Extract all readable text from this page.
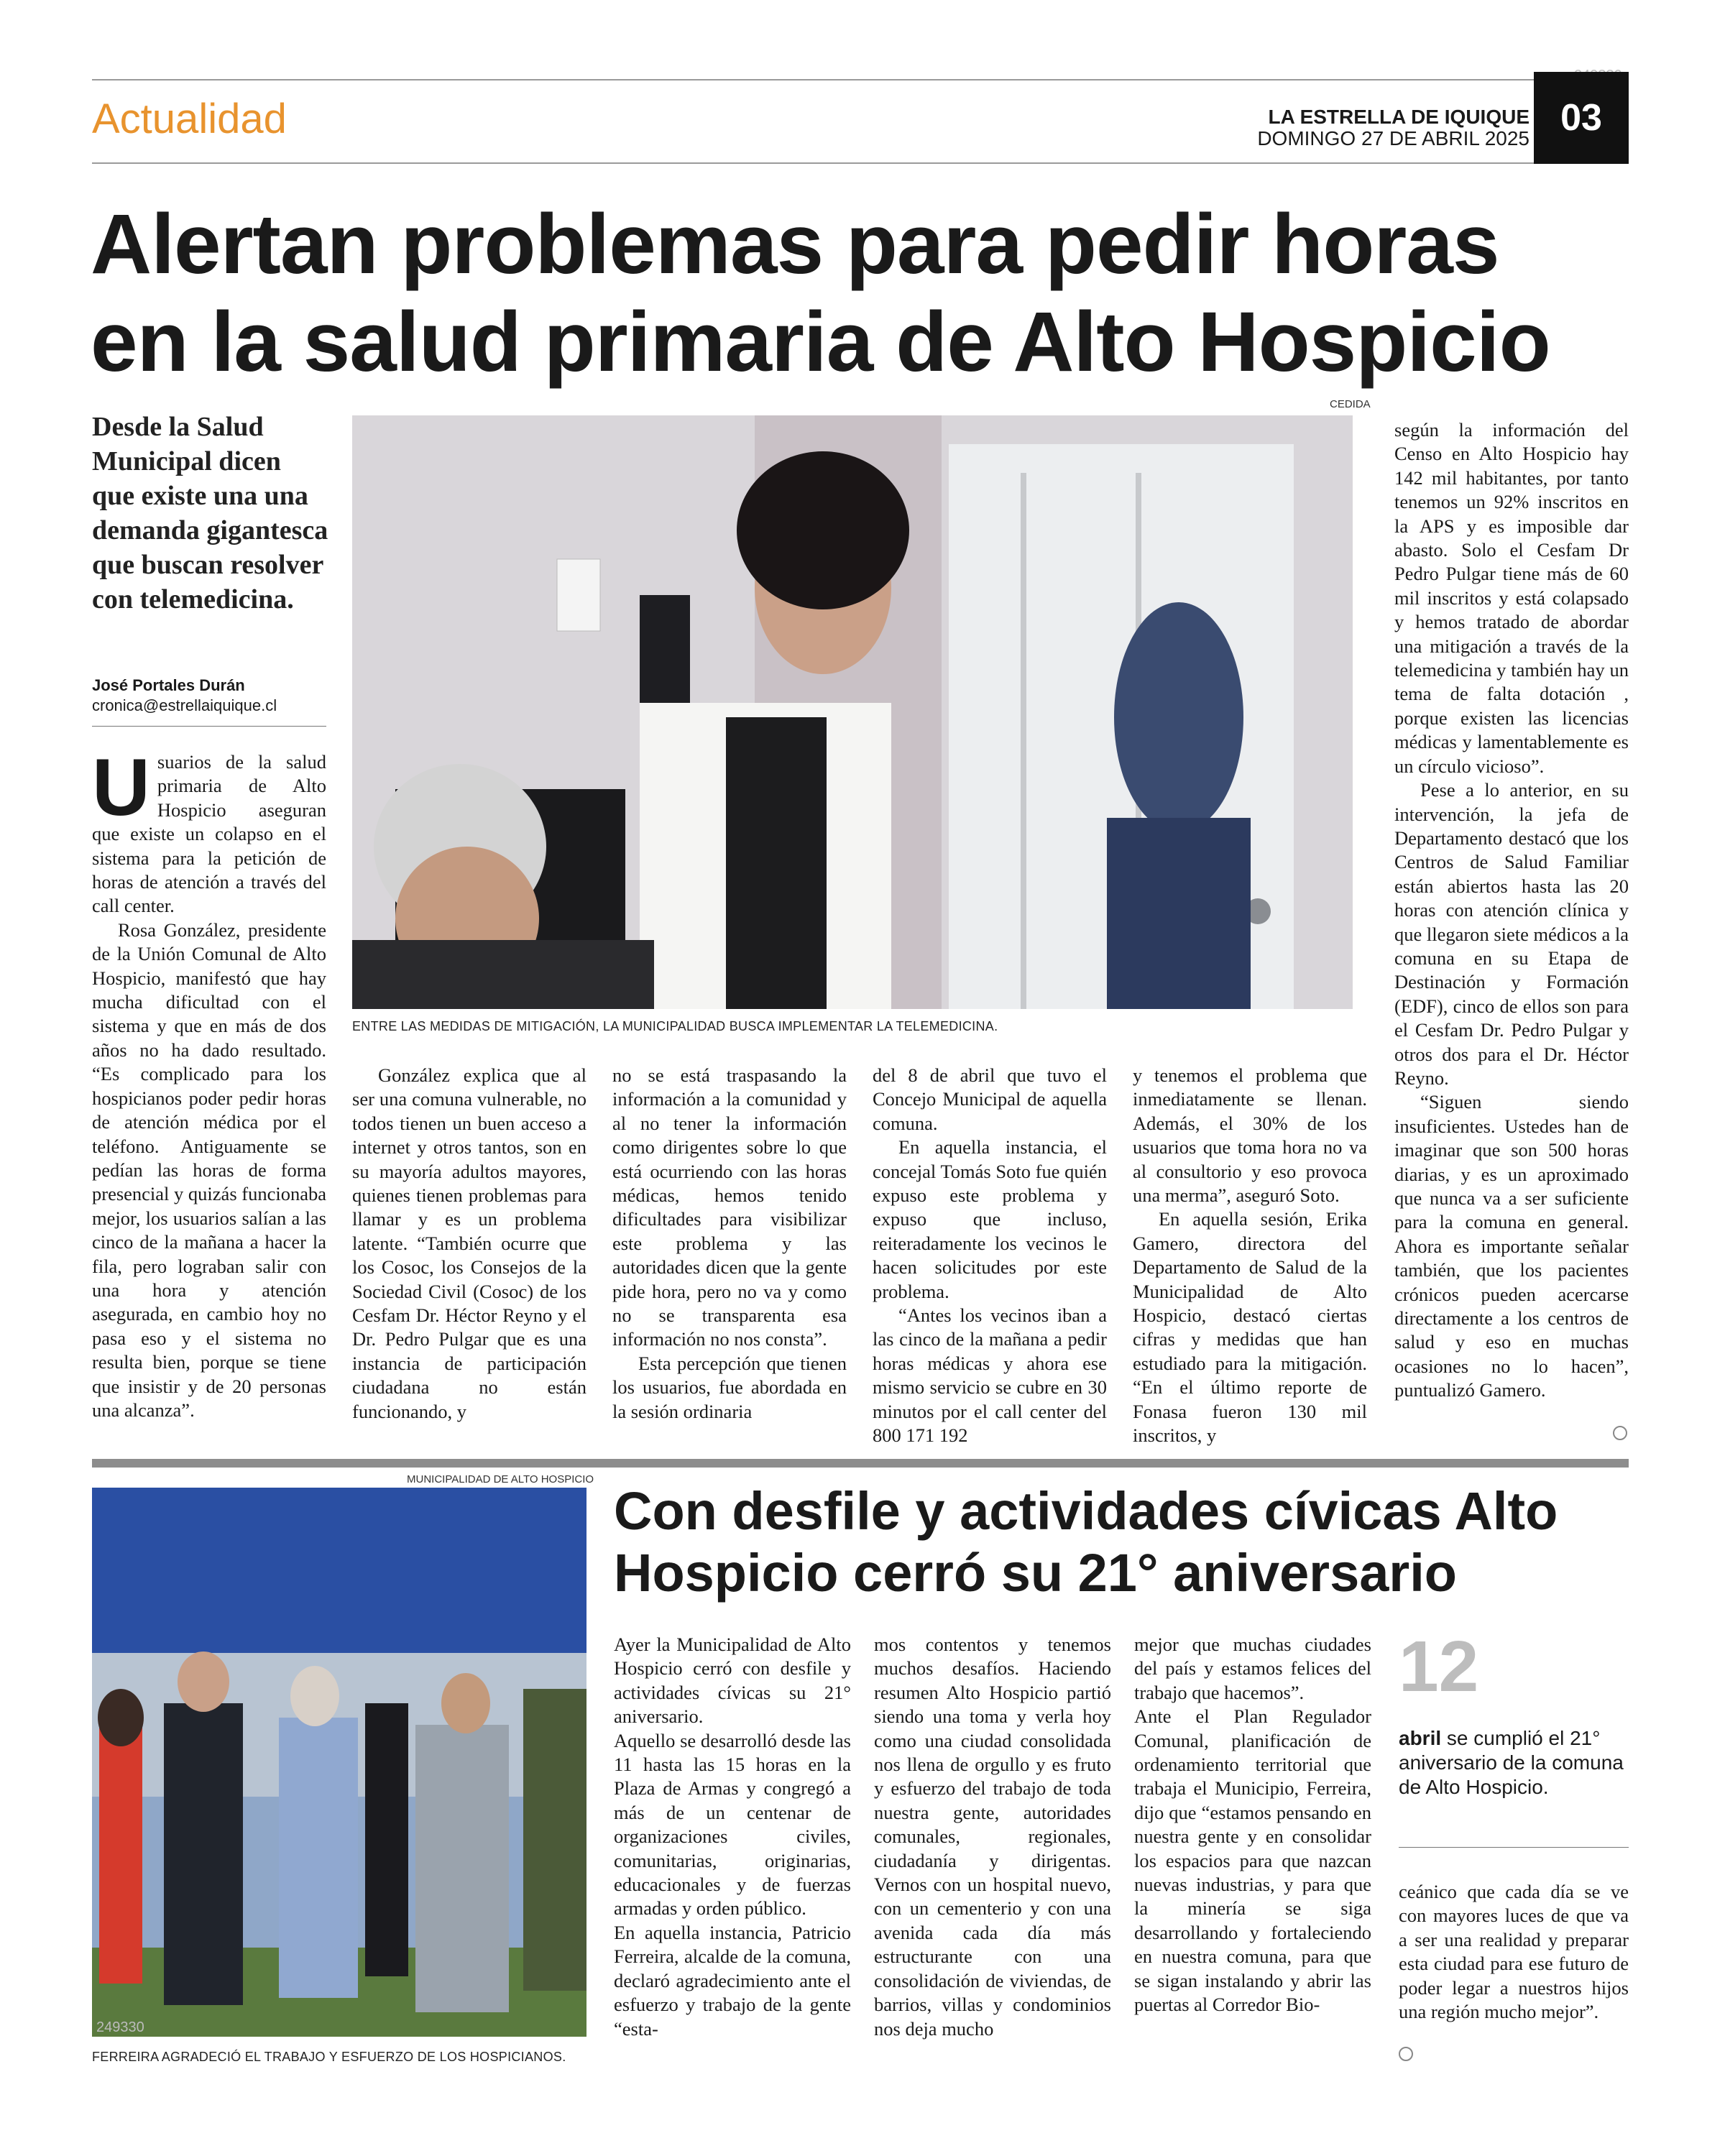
Actualidad	LA ESTRELLA DE IQUIQUE
DOMINGO 27 DE ABRIL 2025 03
Alertan problemas para pedir horas
en la salud primaria de Alto Hospicio
Desde la Salud Municipal dicen que existe una una demanda gigantesca que buscan resolver con telemedicina.
José Portales Durán
cronica@estrellaiquique.cl
CEDIDA
ENTRE LAS MEDIDAS DE MITIGACIÓN, LA MUNICIPALIDAD BUSCA IMPLEMENTAR LA TELEMEDICINA.

Usuarios de la salud primaria de Alto Hospicio aseguran que existe un colapso en el sistema para la petición de horas de atención a través del call center.

Rosa González, presidente de la Unión Comunal de Alto Hospicio, manifestó que hay mucha dificultad con el sistema y que en más de dos años no ha dado resultado. “Es complicado para los hospicianos poder pedir horas de atención médica por el teléfono. Antiguamente se pedían las horas de forma presencial y quizás funcionaba mejor, los usuarios salían a las cinco de la mañana a hacer la fila, pero lograban salir con una hora y atención asegurada, en cambio hoy no pasa eso y el sistema no resulta bien, porque se tiene que insistir y de 20 personas una alcanza”.

González explica que al ser una comuna vulnerable, no todos tienen un buen acceso a internet y otros tantos, son en su mayoría adultos mayores, quienes tienen problemas para llamar y es un problema latente. “También ocurre que los Cosoc, los Consejos de la Sociedad Civil (Cosoc) de los Cesfam Dr. Héctor Reyno y el Dr. Pedro Pulgar que es una instancia de participación ciudadana no están funcionando, y

no se está traspasando la información a la comunidad y al no tener la información como dirigentes sobre lo que está ocurriendo con las horas médicas, hemos tenido dificultades para visibilizar este problema y las autoridades dicen que la gente pide hora, pero no va y como no se transparenta esa información no nos consta”.

Esta percepción que tienen los usuarios, fue abordada en la sesión ordinaria

del 8 de abril que tuvo el Concejo Municipal de aquella comuna.

En aquella instancia, el concejal Tomás Soto fue quién expuso este problema y expuso que incluso, reiteradamente los vecinos le hacen solicitudes por este problema.

“Antes los vecinos iban a las cinco de la mañana a pedir horas médicas y ahora ese mismo servicio se cubre en 30 minutos por el call center del 800 171 192

y tenemos el problema que inmediatamente se llenan. Además, el 30% de los usuarios que toma hora no va al consultorio y eso provoca una merma”, aseguró Soto.

En aquella sesión, Erika Gamero, directora del Departamento de Salud de la Municipalidad de Alto Hospicio, destacó ciertas cifras y medidas que han estudiado para la mitigación. “En el último reporte de Fonasa fueron 130 mil inscritos, y

según la información del Censo en Alto Hospicio hay 142 mil habitantes, por tanto tenemos un 92% inscritos en la APS y es imposible dar abasto. Solo el Cesfam Dr Pedro Pulgar tiene más de 60 mil inscritos y está colapsado y hemos tratado de abordar una mitigación a través de la telemedicina y también hay un tema de falta dotación , porque existen las licencias médicas y lamentablemente es un círculo vicioso”.

Pese a lo anterior, en su intervención, la jefa de Departamento destacó que los Centros de Salud Familiar están abiertos hasta las 20 horas con atención clínica y que llegaron siete médicos a la comuna en su Etapa de Destinación y Formación (EDF), cinco de ellos son para el Cesfam Dr. Pedro Pulgar y otros dos para el Dr. Héctor Reyno.

“Siguen siendo insuficientes. Ustedes han de imaginar que son 500 horas diarias, y es un aproximado que nunca va a ser suficiente para la comuna en general. Ahora es importante señalar también, que los pacientes crónicos pueden acercarse directamente a los centros de salud y eso en muchas ocasiones no lo hacen”, puntualizó Gamero.

MUNICIPALIDAD DE ALTO HOSPICIO
249330
FERREIRA AGRADECIÓ EL TRABAJO Y ESFUERZO DE LOS HOSPICIANOS.
Con desfile y actividades cívicas Alto
Hospicio cerró su 21° aniversario

Ayer la Municipalidad de Alto Hospicio cerró con desfile y actividades cívicas su 21° aniversario.

Aquello se desarrolló desde las 11 hasta las 15 horas en la Plaza de Armas y congregó a más de un centenar de organizaciones civiles, comunitarias, originarias, educacionales y de fuerzas armadas y orden público.

En aquella instancia, Patricio Ferreira, alcalde de la comuna, declaró agradecimiento ante el esfuerzo y trabajo de la gente “esta-

mos contentos y tenemos muchos desafíos. Haciendo resumen Alto Hospicio partió siendo una toma y verla hoy como una ciudad consolidada nos llena de orgullo y es fruto y esfuerzo del trabajo de toda nuestra gente, autoridades comunales, regionales, ciudadanía y dirigentas. Vernos con un hospital nuevo, con un cementerio y con una avenida cada día más estructurante con una consolidación de viviendas, de barrios, villas y condominios nos deja mucho

mejor que muchas ciudades del país y estamos felices del trabajo que hacemos”.

Ante el Plan Regulador Comunal, planificación de ordenamiento territorial que trabaja el Municipio, Ferreira, dijo que “estamos pensando en nuestra gente y en consolidar los espacios para que nazcan nuevas industrias, y para que la minería se siga desarrollando y fortaleciendo en nuestra comuna, para que se sigan instalando y abrir las puertas al Corredor Bio-

12
abril se cumplió el 21° aniversario de la comuna de Alto Hospicio.

ceánico que cada día se ve con mayores luces de que va a ser una realidad y preparar esta ciudad para ese futuro de poder legar a nuestros hijos una región mucho mejor”.
